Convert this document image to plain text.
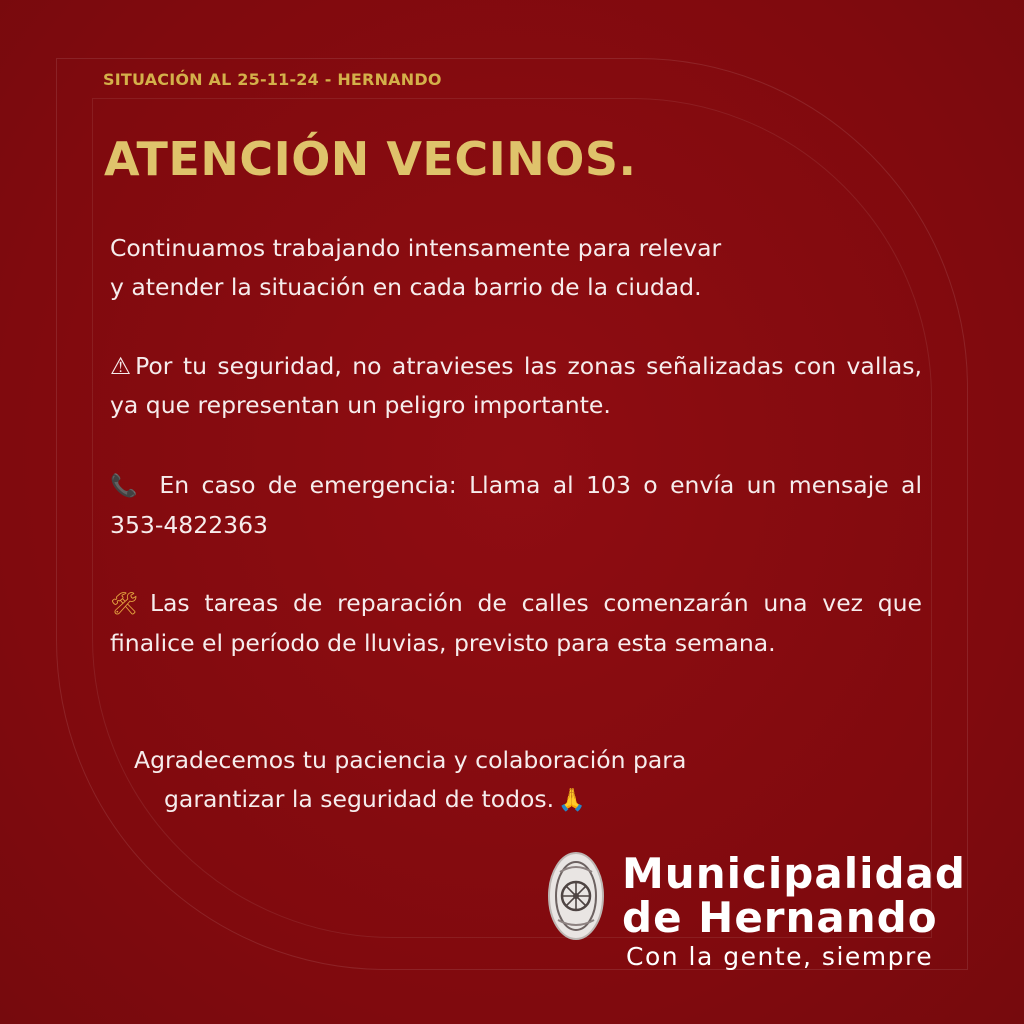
SITUACIÓN AL 25-11-24 - HERNANDO
ATENCIÓN VECINOS.
Continuamos trabajando intensamente para relevar
y atender la situación en cada barrio de la ciudad.
⚠ Por tu seguridad, no atravieses las zonas señalizadas con vallas, ya que representan un peligro importante.
📞 En caso de emergencia: Llama al 103 o envía un mensaje al 353-4822363
🛠 Las tareas de reparación de calles comenzarán una vez que finalice el período de lluvias, previsto para esta semana.
Agradecemos tu paciencia y colaboración para
garantizar la seguridad de todos. 🙏
Municipalidad
de Hernando
Con la gente, siempre
